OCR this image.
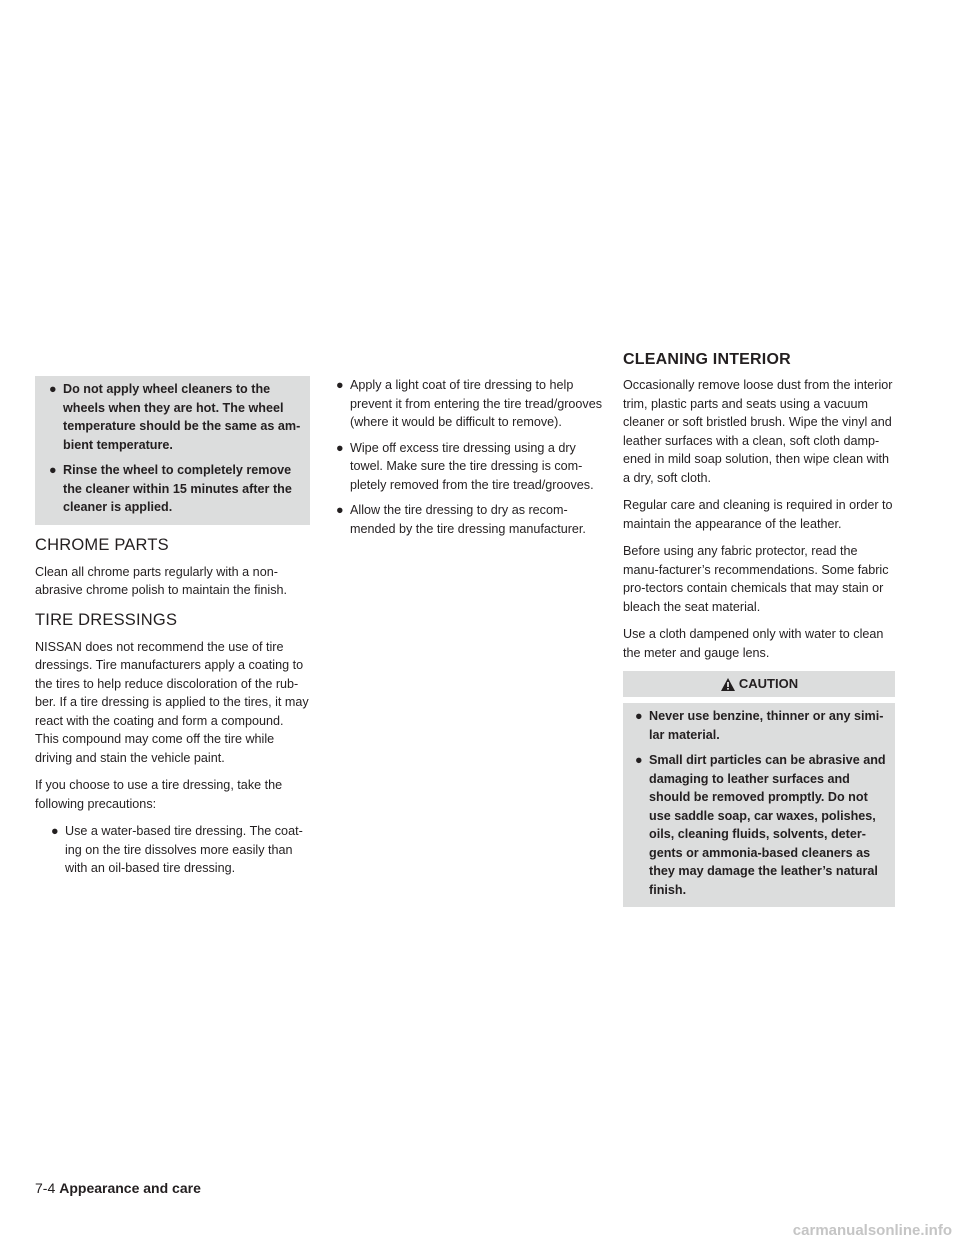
CLEANING INTERIOR
● Do not apply wheel cleaners to the wheels when they are hot. The wheel temperature should be the same as am-bient temperature.
● Rinse the wheel to completely remove the cleaner within 15 minutes after the cleaner is applied.
CHROME PARTS

Clean all chrome parts regularly with a non-abrasive chrome polish to maintain the finish.

TIRE DRESSINGS

NISSAN does not recommend the use of tire dressings. Tire manufacturers apply a coating to the tires to help reduce discoloration of the rub-ber. If a tire dressing is applied to the tires, it may react with the coating and form a compound. This compound may come off the tire while driving and stain the vehicle paint.

If you choose to use a tire dressing, take the following precautions:

● Use a water-based tire dressing. The coat-ing on the tire dissolves more easily than with an oil-based tire dressing.
● Apply a light coat of tire dressing to help prevent it from entering the tire tread/grooves (where it would be difficult to remove).
● Wipe off excess tire dressing using a dry towel. Make sure the tire dressing is com-pletely removed from the tire tread/grooves.
● Allow the tire dressing to dry as recom-mended by the tire dressing manufacturer.

Occasionally remove loose dust from the interior trim, plastic parts and seats using a vacuum cleaner or soft bristled brush. Wipe the vinyl and leather surfaces with a clean, soft cloth damp-ened in mild soap solution, then wipe clean with a dry, soft cloth.

Regular care and cleaning is required in order to maintain the appearance of the leather.

Before using any fabric protector, read the manu-facturer’s recommendations. Some fabric pro-tectors contain chemicals that may stain or bleach the seat material.

Use a cloth dampened only with water to clean the meter and gauge lens.

CAUTION
● Never use benzine, thinner or any simi-lar material.
● Small dirt particles can be abrasive and damaging to leather surfaces and should be removed promptly. Do not use saddle soap, car waxes, polishes, oils, cleaning fluids, solvents, deter-gents or ammonia-based cleaners as they may damage the leather’s natural finish.
7-4 Appearance and care
carmanualsonline.info
